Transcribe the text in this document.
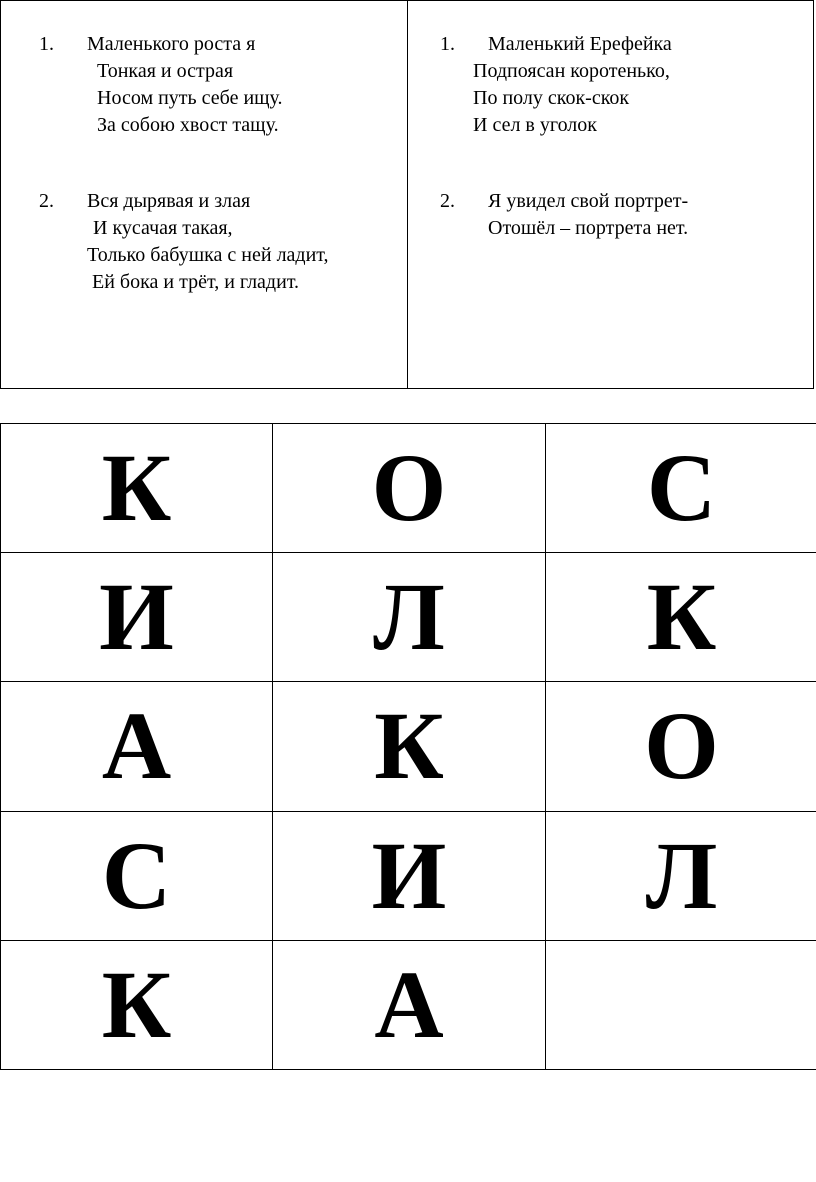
1. Маленького роста я
Тонкая и острая
Носом путь себе ищу.
За собою хвост тащу.
2. Вся дырявая и злая
И кусачая такая,
Только бабушка с ней ладит,
Ей бока и трёт, и гладит.
1. Маленький Ерефейка
Подпоясан коротенько,
По полу скок-скок
И сел в уголок
2. Я увидел свой портрет-
Отошёл – портрета нет.
К	О	С
И	Л	К
А	К	О
С	И	Л
К	А	
